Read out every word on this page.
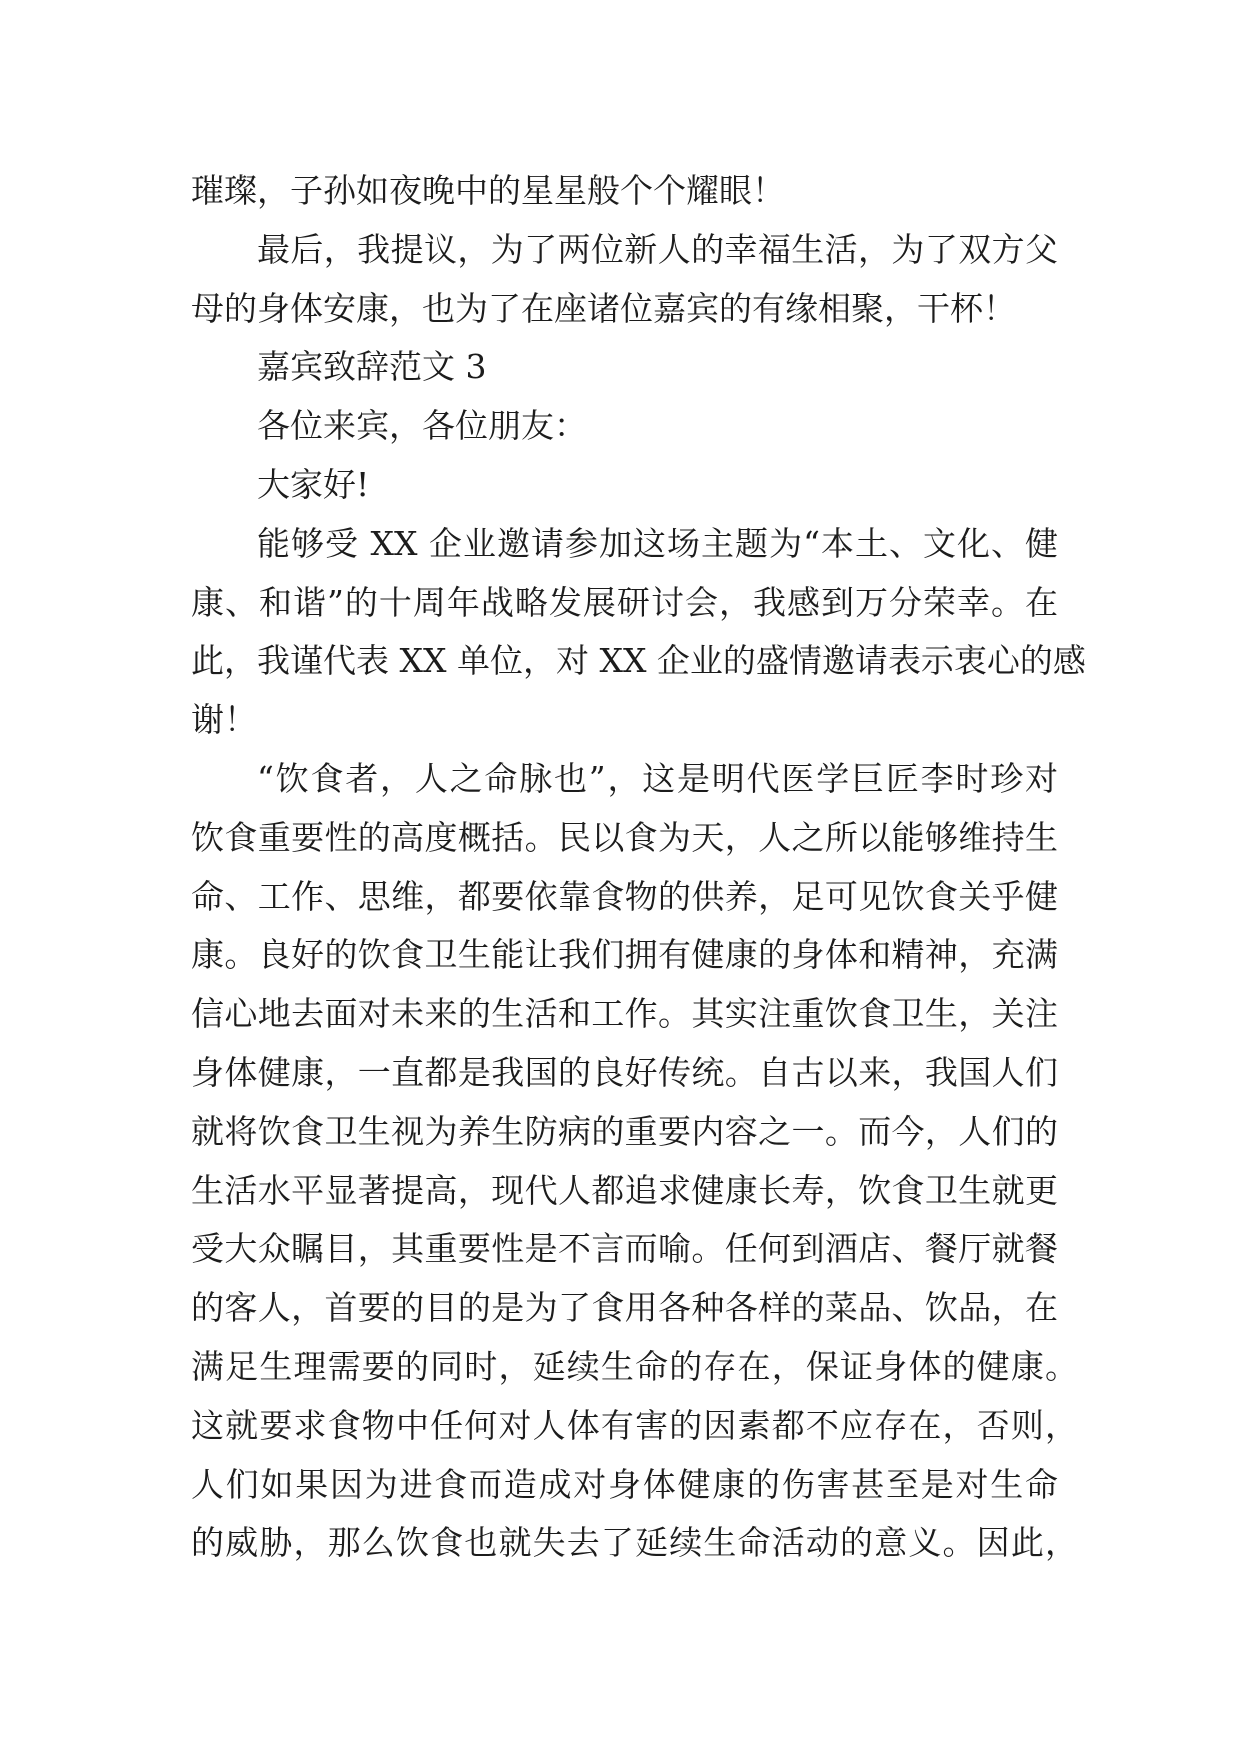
璀璨，子孙如夜晚中的星星般个个耀眼！
最后，我提议，为了两位新人的幸福生活，为了双方父
母的身体安康，也为了在座诸位嘉宾的有缘相聚，干杯！
嘉宾致辞范文 3
各位来宾，各位朋友：
大家好!
能够受 XX 企业邀请参加这场主题为“本土、文化、健
康、和谐”的十周年战略发展研讨会，我感到万分荣幸。在
此，我谨代表 XX 单位，对 XX 企业的盛情邀请表示衷心的感
谢！
“饮食者，人之命脉也”，这是明代医学巨匠李时珍对
饮食重要性的高度概括。民以食为天，人之所以能够维持生
命、工作、思维，都要依靠食物的供养，足可见饮食关乎健
康。良好的饮食卫生能让我们拥有健康的身体和精神，充满
信心地去面对未来的生活和工作。其实注重饮食卫生，关注
身体健康，一直都是我国的良好传统。自古以来，我国人们
就将饮食卫生视为养生防病的重要内容之一。而今，人们的
生活水平显著提高，现代人都追求健康长寿，饮食卫生就更
受大众瞩目，其重要性是不言而喻。任何到酒店、餐厅就餐
的客人，首要的目的是为了食用各种各样的菜品、饮品，在
满足生理需要的同时，延续生命的存在，保证身体的健康。
这就要求食物中任何对人体有害的因素都不应存在，否则，
人们如果因为进食而造成对身体健康的伤害甚至是对生命
的威胁，那么饮食也就失去了延续生命活动的意义。因此，
